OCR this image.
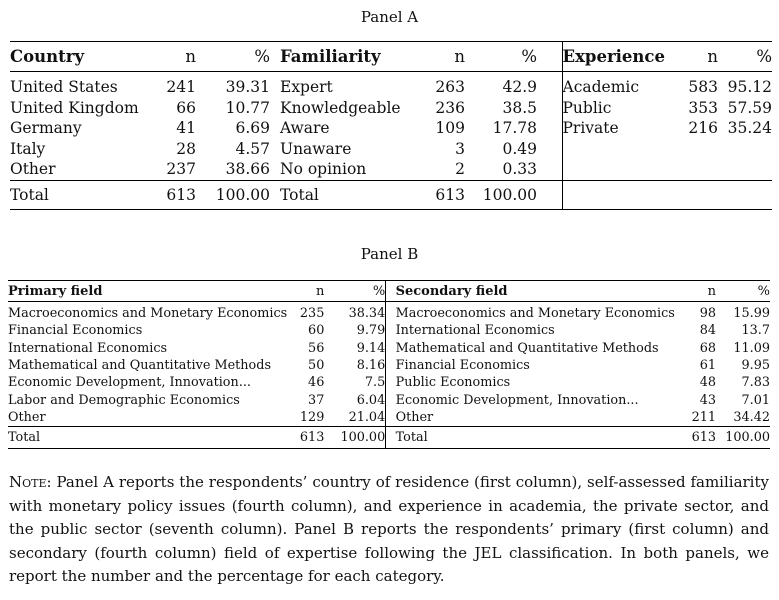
Panel A
Country	n	%		Familiarity	n	%		Experience	n	%
United States	241	39.31		Expert	263	42.9		Academic	583	95.12
United Kingdom	66	10.77		Knowledgeable	236	38.5		Public	353	57.59
Germany	41	6.69		Aware	109	17.78		Private	216	35.24
Italy	28	4.57		Unaware	3	0.49				
Other	237	38.66		No opinion	2	0.33				
Total	613	100.00		Total	613	100.00				
Panel B
Primary field	n	%		Secondary field	n	%
Macroeconomics and Monetary Economics	235	38.34		Macroeconomics and Monetary Economics	98	15.99
Financial Economics	60	9.79		International Economics	84	13.7
International Economics	56	9.14		Mathematical and Quantitative Methods	68	11.09
Mathematical and Quantitative Methods	50	8.16		Financial Economics	61	9.95
Economic Development, Innovation...	46	7.5		Public Economics	48	7.83
Labor and Demographic Economics	37	6.04		Economic Development, Innovation...	43	7.01
Other	129	21.04		Other	211	34.42
Total	613	100.00		Total	613	100.00
Note: Panel A reports the respondents’ country of residence (first column), self-assessed familiarity with monetary policy issues (fourth column), and experience in academia, the private sector, and the public sector (seventh column). Panel B reports the respondents’ primary (first column) and secondary (fourth column) field of expertise following the JEL classification. In both panels, we report the number and the percentage for each category.
